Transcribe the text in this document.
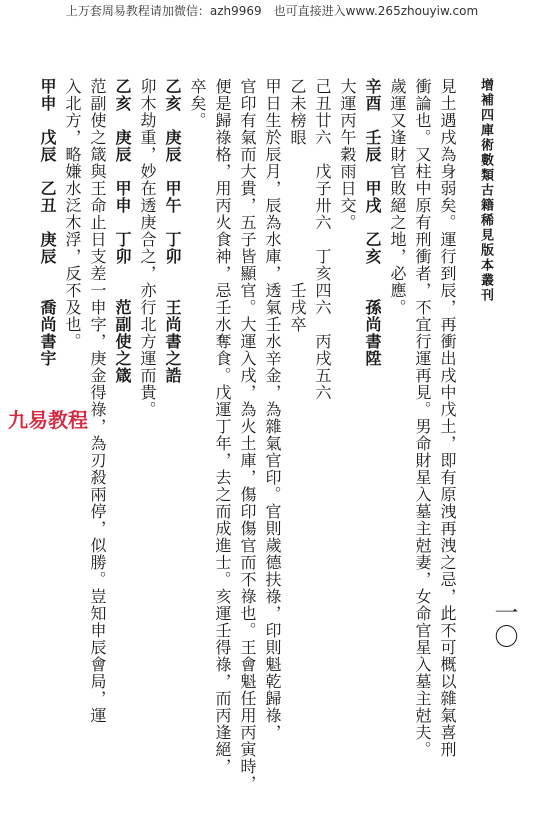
上万套周易教程请加微信：azh9969　也可直接进入www.265zhouyiw.com
增補四庫術數類古籍稀見版本叢刊
一〇
九易教程	見土遇戌為身弱矣。運行到辰，再衝出戌中戊土，即有原洩再洩之忌，此不可概以雜氣喜刑
衝論也。又柱中原有刑衝者，不宜行運再見。男命財星入墓主尅妻，女命官星入墓主尅夫。
歲運又逢財官敗絕之地，必應。
辛酉　壬辰　甲戌　乙亥　　孫尚書陞
大運丙午穀雨日交。
己丑廿六　戊子卅六　丁亥四六　丙戌五六
乙未榜眼　　　　　　　　壬戌卒
甲日生於辰月，辰為水庫，透氣壬水辛金，為雜氣官印。官則歲德扶祿，印則魁乾歸祿，
官印有氣而大貴，五子皆顯官。大運入戌，為火土庫，傷印傷官而不祿也。王會魁任用丙寅時，
便是歸祿格，用丙火食神，忌壬水奪食。戊運丁年，去之而成進士。亥運壬得祿，而丙逢絕，
卒矣。
乙亥　庚辰　甲午　丁卯　　王尚書之誥
卯木劫重，妙在透庚合之，亦行北方運而貴。
乙亥　庚辰　甲申　丁卯　　范副使之箴
范副使之箴與王命止日支差一申字，庚金得祿，為刃殺兩停，似勝。豈知申辰會局，運
入北方，略嫌水泛木浮，反不及也。
甲申　戊辰　乙丑　庚辰　　喬尚書宇
